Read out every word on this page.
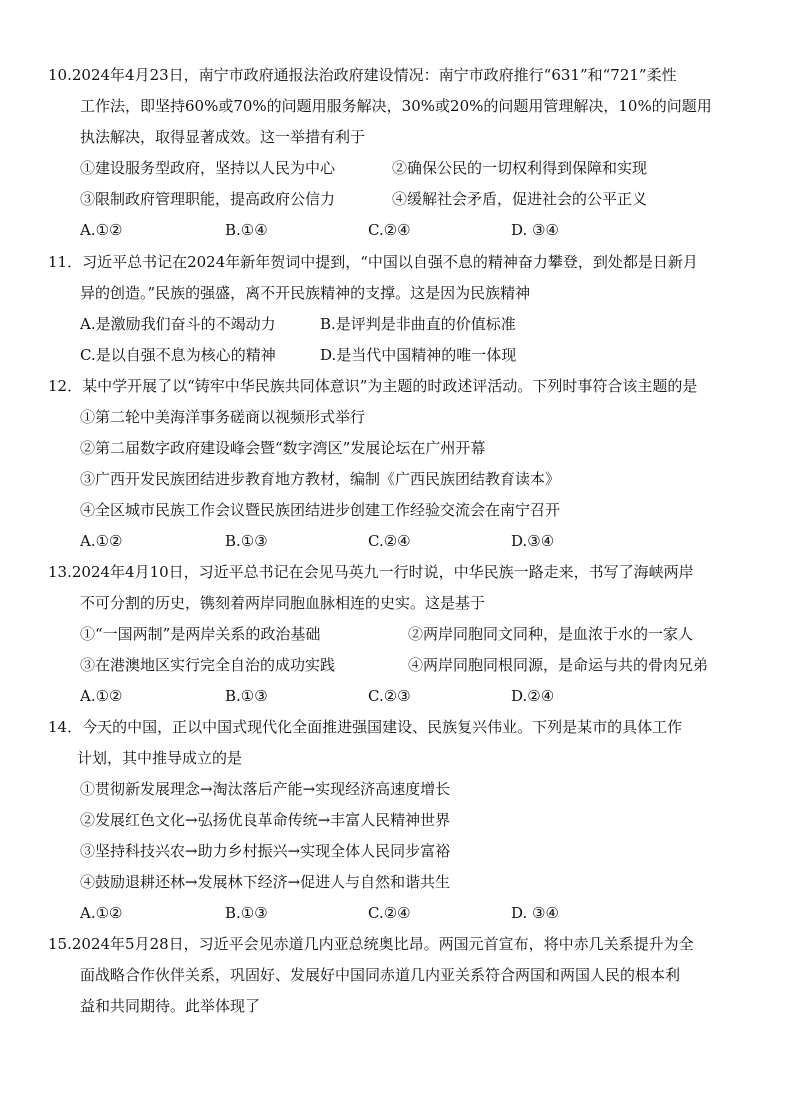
10.2024年4月23日，南宁市政府通报法治政府建设情况：南宁市政府推行“631”和“721”柔性
工作法，即坚持60%或70%的问题用服务解决，30%或20%的问题用管理解决，10%的问题用
执法解决，取得显著成效。这一举措有利于
①建设服务型政府，坚持以人民为中心	②确保公民的一切权利得到保障和实现
③限制政府管理职能，提高政府公信力	④缓解社会矛盾，促进社会的公平正义
A.①②	B.①④	C.②④	D. ③④
11．习近平总书记在2024年新年贺词中提到，“中国以自强不息的精神奋力攀登，到处都是日新月
异的创造。”民族的强盛，离不开民族精神的支撑。这是因为民族精神
A.是激励我们奋斗的不竭动力	B.是评判是非曲直的价值标准
C.是以自强不息为核心的精神	D.是当代中国精神的唯一体现
12．某中学开展了以“铸牢中华民族共同体意识”为主题的时政述评活动。下列时事符合该主题的是
①第二轮中美海洋事务磋商以视频形式举行
②第二届数字政府建设峰会暨“数字湾区”发展论坛在广州开幕
③广西开发民族团结进步教育地方教材，编制《广西民族团结教育读本》
④全区城市民族工作会议暨民族团结进步创建工作经验交流会在南宁召开
A.①②	B.①③	C.②④	D.③④
13.2024年4月10日，习近平总书记在会见马英九一行时说，中华民族一路走来，书写了海峡两岸
不可分割的历史，镌刻着两岸同胞血脉相连的史实。这是基于
①“一国两制”是两岸关系的政治基础	②两岸同胞同文同种，是血浓于水的一家人
③在港澳地区实行完全自治的成功实践	④两岸同胞同根同源，是命运与共的骨肉兄弟
A.①②	B.①③	C.②③	D.②④
14．今天的中国，正以中国式现代化全面推进强国建设、民族复兴伟业。下列是某市的具体工作
计划，其中推导成立的是
①贯彻新发展理念→淘汰落后产能→实现经济高速度增长
②发展红色文化→弘扬优良革命传统→丰富人民精神世界
③坚持科技兴农→助力乡村振兴→实现全体人民同步富裕
④鼓励退耕还林→发展林下经济→促进人与自然和谐共生
A.①②	B.①③	C.②④	D. ③④
15.2024年5月28日，习近平会见赤道几内亚总统奥比昂。两国元首宣布，将中赤几关系提升为全
面战略合作伙伴关系，巩固好、发展好中国同赤道几内亚关系符合两国和两国人民的根本利
益和共同期待。此举体现了
